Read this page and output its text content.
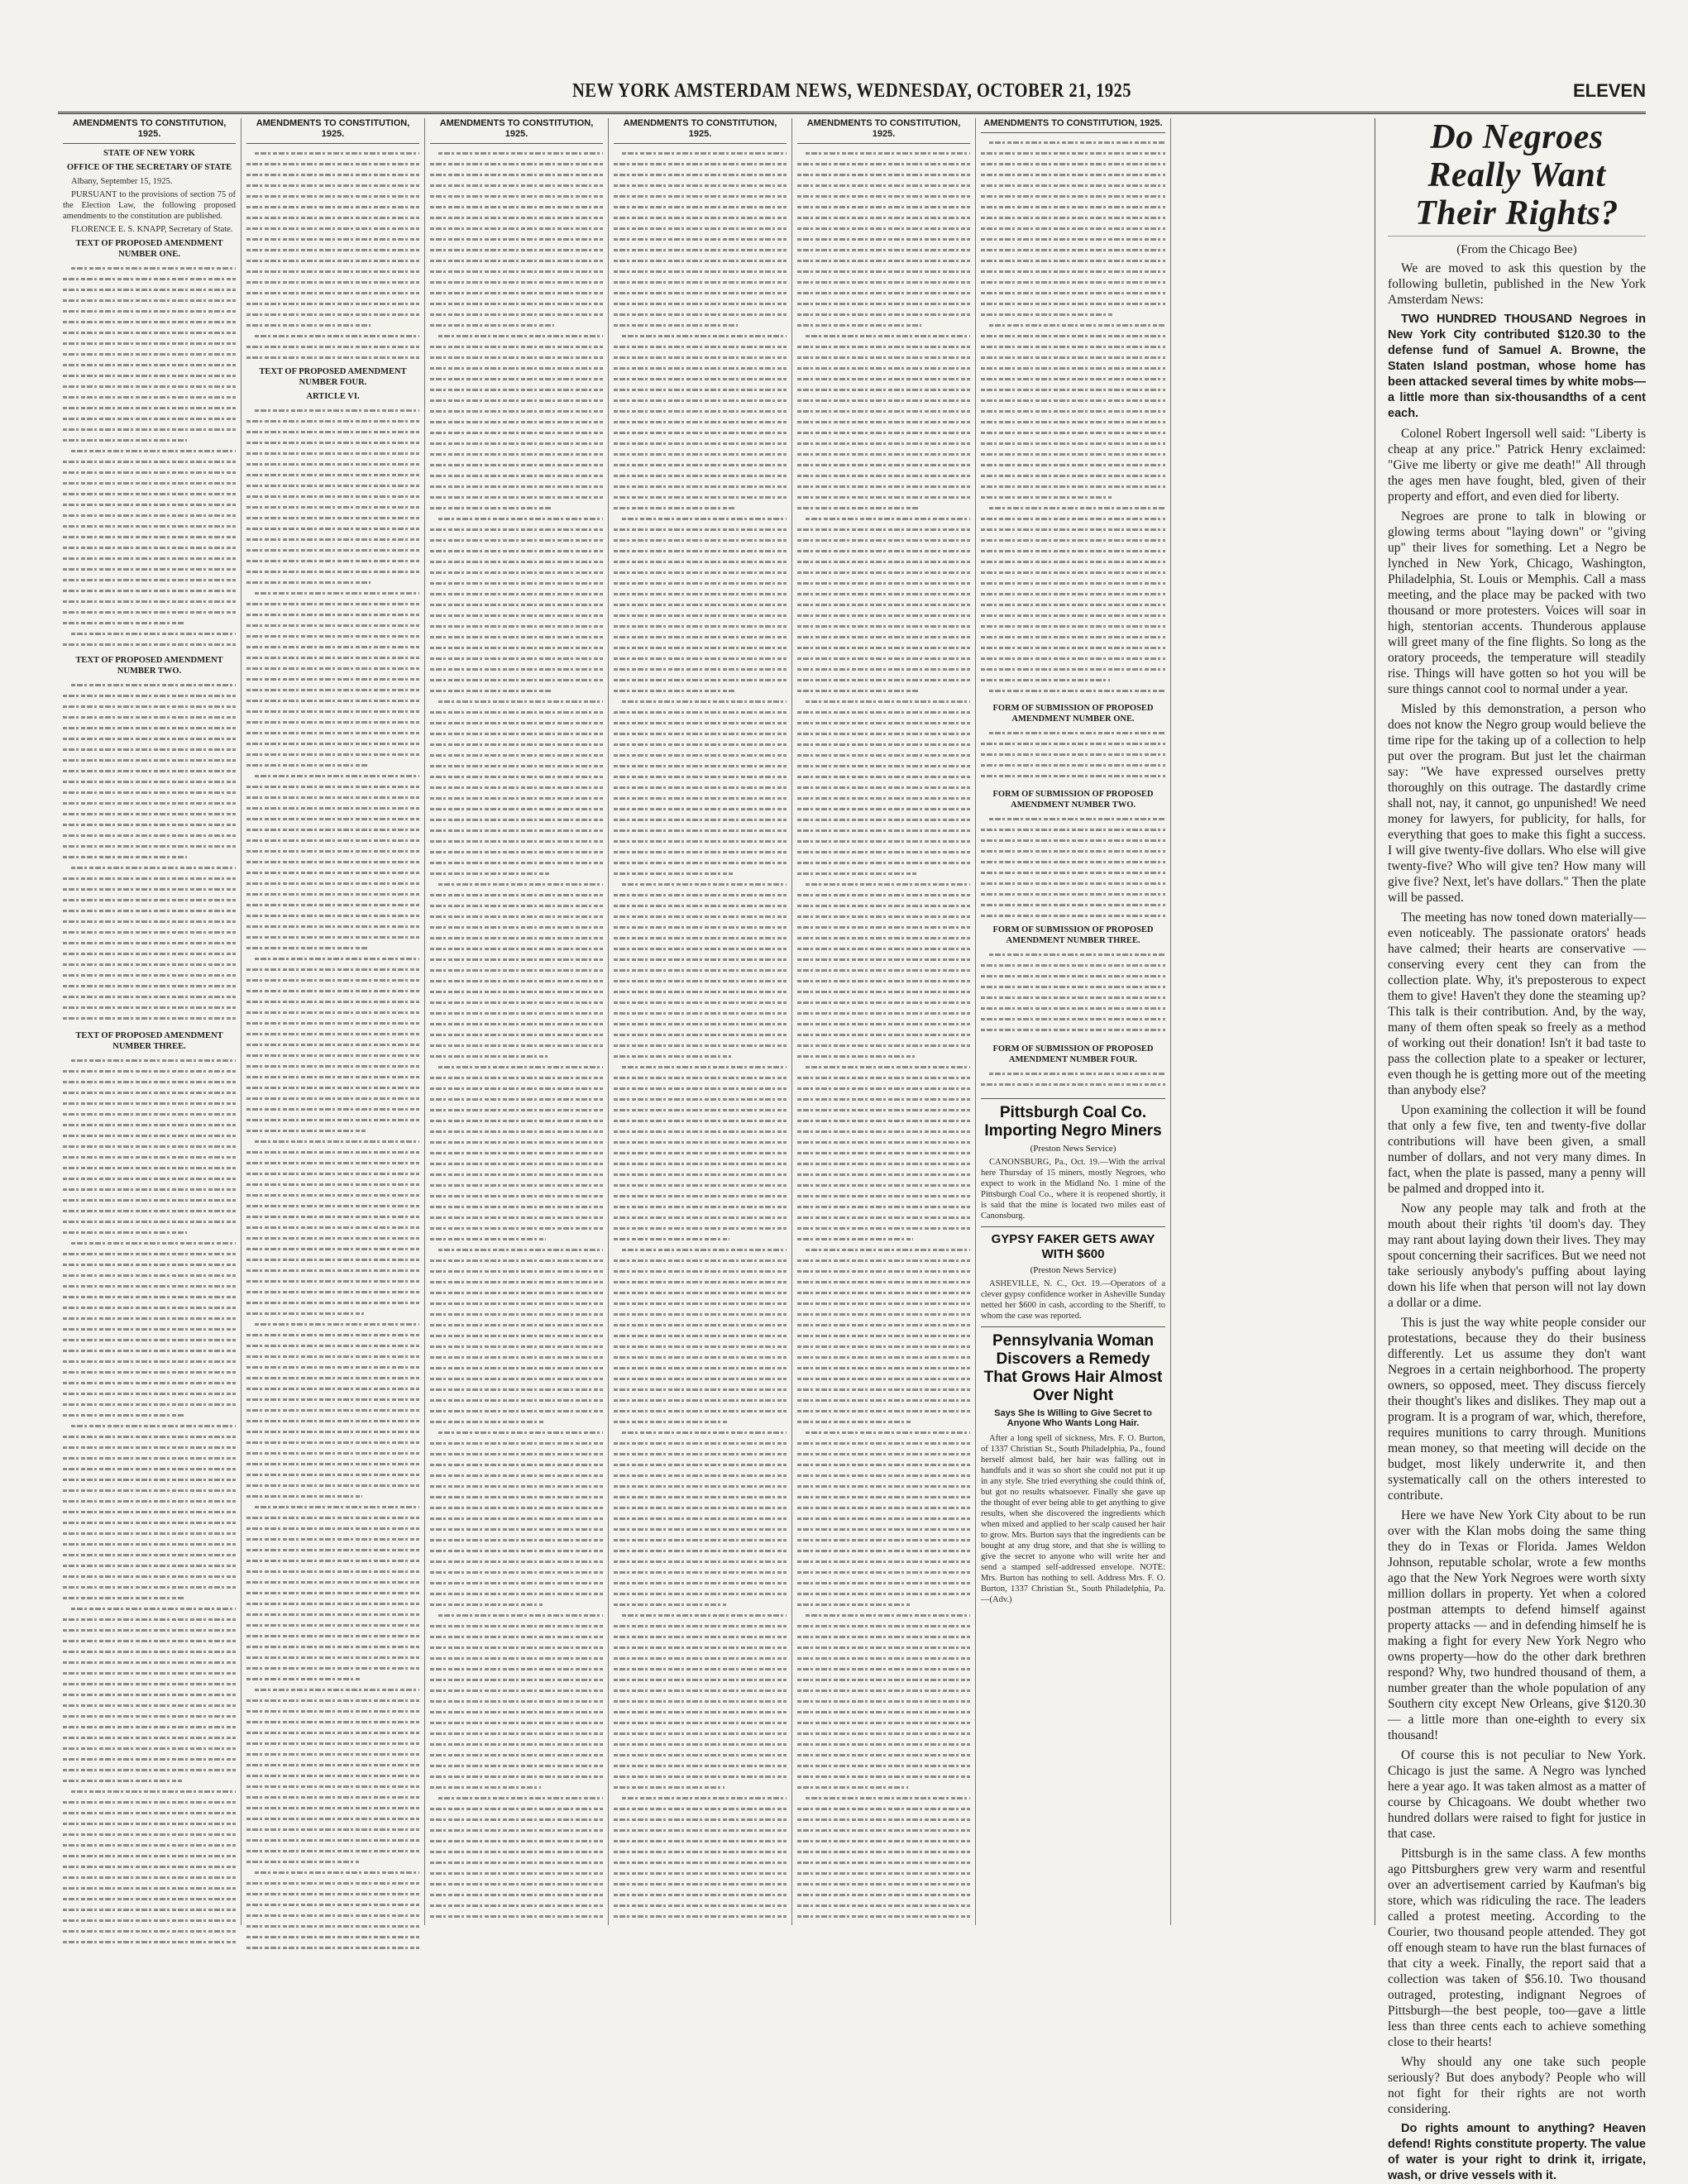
NEW YORK AMSTERDAM NEWS, WEDNESDAY, OCTOBER 21, 1925	ELEVEN
AMENDMENTS TO CONSTITUTION, 1925.
STATE OF NEW YORK
OFFICE OF THE SECRETARY OF STATE
Albany, September 15, 1925.
PURSUANT to the provisions of section 75 of the Election Law, the following proposed amendments to the constitution are published.
FLORENCE E. S. KNAPP, Secretary of State.
TEXT OF PROPOSED AMENDMENT NUMBER ONE.
TEXT OF PROPOSED AMENDMENT NUMBER TWO.
TEXT OF PROPOSED AMENDMENT NUMBER THREE.
AMENDMENTS TO CONSTITUTION, 1925.
TEXT OF PROPOSED AMENDMENT NUMBER FOUR.
ARTICLE VI.
AMENDMENTS TO CONSTITUTION, 1925.
AMENDMENTS TO CONSTITUTION, 1925.
AMENDMENTS TO CONSTITUTION, 1925.
AMENDMENTS TO CONSTITUTION, 1925.
FORM OF SUBMISSION OF PROPOSED AMENDMENT NUMBER ONE.
FORM OF SUBMISSION OF PROPOSED AMENDMENT NUMBER TWO.
FORM OF SUBMISSION OF PROPOSED AMENDMENT NUMBER THREE.
FORM OF SUBMISSION OF PROPOSED AMENDMENT NUMBER FOUR.
Pittsburgh Coal Co. Importing Negro Miners
(Preston News Service)
CANONSBURG, Pa., Oct. 19.—With the arrival here Thursday of 15 miners, mostly Negroes, who expect to work in the Midland No. 1 mine of the Pittsburgh Coal Co., where it is reopened shortly, it is said that the mine is located two miles east of Canonsburg.
GYPSY FAKER GETS AWAY WITH $600
(Preston News Service)
ASHEVILLE, N. C., Oct. 19.—Operators of a clever gypsy confidence worker in Asheville Sunday netted her $600 in cash, according to the Sheriff, to whom the case was reported.
Pennsylvania Woman Discovers a Remedy That Grows Hair Almost Over Night
Says She Is Willing to Give Secret to Anyone Who Wants Long Hair.
After a long spell of sickness, Mrs. F. O. Burton, of 1337 Christian St., South Philadelphia, Pa., found herself almost bald, her hair was falling out in handfuls and it was so short she could not put it up in any style. She tried everything she could think of, but got no results whatsoever. Finally she gave up the thought of ever being able to get anything to give results, when she discovered the ingredients which when mixed and applied to her scalp caused her hair to grow. Mrs. Burton says that the ingredients can be bought at any drug store, and that she is willing to give the secret to anyone who will write her and send a stamped self-addressed envelope. NOTE: Mrs. Burton has nothing to sell. Address Mrs. F. O. Burton, 1337 Christian St., South Philadelphia, Pa.—(Adv.)
Do Negroes Really Want Their Rights?
(From the Chicago Bee)

We are moved to ask this question by the following bulletin, published in the New York Amsterdam News:

TWO HUNDRED THOUSAND Negroes in New York City contributed $120.30 to the defense fund of Samuel A. Browne, the Staten Island postman, whose home has been attacked several times by white mobs—a little more than six-thousandths of a cent each.

Colonel Robert Ingersoll well said: "Liberty is cheap at any price." Patrick Henry exclaimed: "Give me liberty or give me death!" All through the ages men have fought, bled, given of their property and effort, and even died for liberty.

Negroes are prone to talk in blowing or glowing terms about "laying down" or "giving up" their lives for something. Let a Negro be lynched in New York, Chicago, Washington, Philadelphia, St. Louis or Memphis. Call a mass meeting, and the place may be packed with two thousand or more protesters. Voices will soar in high, stentorian accents. Thunderous applause will greet many of the fine flights. So long as the oratory proceeds, the temperature will steadily rise. Things will have gotten so hot you will be sure things cannot cool to normal under a year.

Misled by this demonstration, a person who does not know the Negro group would believe the time ripe for the taking up of a collection to help put over the program. But just let the chairman say: "We have expressed ourselves pretty thoroughly on this outrage. The dastardly crime shall not, nay, it cannot, go unpunished! We need money for lawyers, for publicity, for halls, for everything that goes to make this fight a success. I will give twenty-five dollars. Who else will give twenty-five? Who will give ten? How many will give five? Next, let's have dollars." Then the plate will be passed.

The meeting has now toned down materially—even noticeably. The passionate orators' heads have calmed; their hearts are conservative — conserving every cent they can from the collection plate. Why, it's preposterous to expect them to give! Haven't they done the steaming up? This talk is their contribution. And, by the way, many of them often speak so freely as a method of working out their donation! Isn't it bad taste to pass the collection plate to a speaker or lecturer, even though he is getting more out of the meeting than anybody else?

Upon examining the collection it will be found that only a few five, ten and twenty-five dollar contributions will have been given, a small number of dollars, and not very many dimes. In fact, when the plate is passed, many a penny will be palmed and dropped into it.

Now any people may talk and froth at the mouth about their rights 'til doom's day. They may rant about laying down their lives. They may spout concerning their sacrifices. But we need not take seriously anybody's puffing about laying down his life when that person will not lay down a dollar or a dime.

This is just the way white people consider our protestations, because they do their business differently. Let us assume they don't want Negroes in a certain neighborhood. The property owners, so opposed, meet. They discuss fiercely their thought's likes and dislikes. They map out a program. It is a program of war, which, therefore, requires munitions to carry through. Munitions mean money, so that meeting will decide on the budget, most likely underwrite it, and then systematically call on the others interested to contribute.

Here we have New York City about to be run over with the Klan mobs doing the same thing they do in Texas or Florida. James Weldon Johnson, reputable scholar, wrote a few months ago that the New York Negroes were worth sixty million dollars in property. Yet when a colored postman attempts to defend himself against property attacks — and in defending himself he is making a fight for every New York Negro who owns property—how do the other dark brethren respond? Why, two hundred thousand of them, a number greater than the whole population of any Southern city except New Orleans, give $120.30 — a little more than one-eighth to every six thousand!

Of course this is not peculiar to New York. Chicago is just the same. A Negro was lynched here a year ago. It was taken almost as a matter of course by Chicagoans. We doubt whether two hundred dollars were raised to fight for justice in that case.

Pittsburgh is in the same class. A few months ago Pittsburghers grew very warm and resentful over an advertisement carried by Kaufman's big store, which was ridiculing the race. The leaders called a protest meeting. According to the Courier, two thousand people attended. They got off enough steam to have run the blast furnaces of that city a week. Finally, the report said that a collection was taken of $56.10. Two thousand outraged, protesting, indignant Negroes of Pittsburgh—the best people, too—gave a little less than three cents each to achieve something close to their hearts!

Why should any one take such people seriously? But does anybody? People who will not fight for their rights are not worth considering.

Do rights amount to anything? Heaven defend! Rights constitute property. The value of water is your right to drink it, irrigate, wash, or drive vessels with it.
